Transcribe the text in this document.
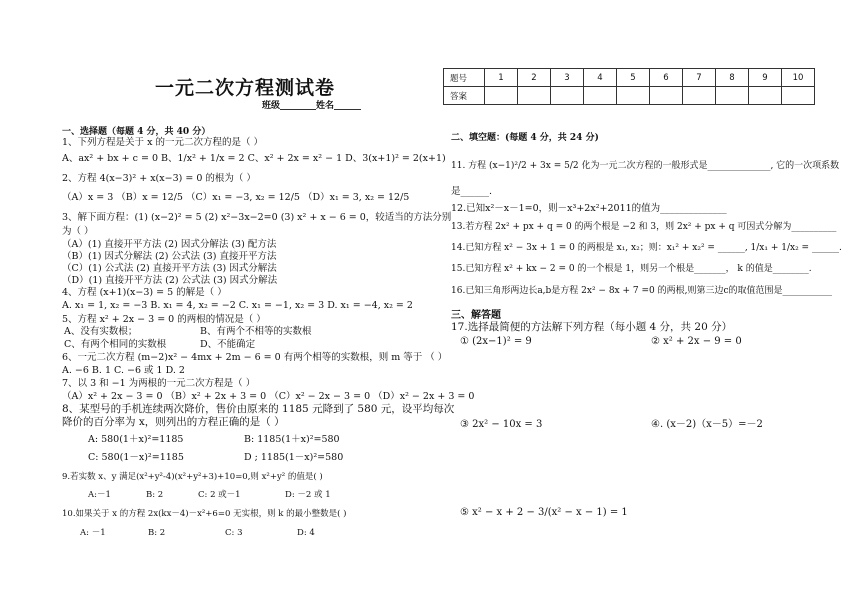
一元二次方程测试卷
班级________姓名______
题号	1	2	3	4	5	6	7	8	9	10
答案										
一、选择题（每题 4 分，共 40 分）
1、下列方程是关于 x 的一元二次方程的是（ ）
A、ax² + bx + c = 0 B、1/x² + 1/x = 2 C、x² + 2x = x² − 1 D、3(x+1)² = 2(x+1)
2、方程 4(x−3)² + x(x−3) = 0 的根为（ ）
（A）x = 3 （B）x = 12/5 （C）x₁ = −3, x₂ = 12/5 （D）x₁ = 3, x₂ = 12/5
3、解下面方程：(1) (x−2)² = 5 (2) x²−3x−2=0 (3) x² + x − 6 = 0，较适当的方法分别
为（ ）
（A）(1) 直接开平方法 (2) 因式分解法 (3) 配方法
（B）(1) 因式分解法 (2) 公式法 (3) 直接开平方法
（C）(1) 公式法 (2) 直接开平方法 (3) 因式分解法
（D）(1) 直接开平方法 (2) 公式法 (3) 因式分解法
4、方程 (x+1)(x−3) = 5 的解是（ ）
A. x₁ = 1, x₂ = −3 B. x₁ = 4, x₂ = −2 C. x₁ = −1, x₂ = 3 D. x₁ = −4, x₂ = 2
5、方程 x² + 2x − 3 = 0 的两根的情况是（ ）
A、没有实数根；	B、有两个不相等的实数根
C、有两个相同的实数根	D、不能确定
6、一元二次方程 (m−2)x² − 4mx + 2m − 6 = 0 有两个相等的实数根，则 m 等于 （ ）
A. −6 B. 1 C. −6 或 1 D. 2
7、以 3 和 −1 为两根的一元二次方程是（ ）
（A）x² + 2x − 3 = 0 （B）x² + 2x + 3 = 0 （C）x² − 2x − 3 = 0 （D）x² − 2x + 3 = 0
8、某型号的手机连续两次降价，售价由原来的 1185 元降到了 580 元，设平均每次
降价的百分率为 x，则列出的方程正确的是（ ）
A: 580(1＋x)²=1185	B: 1185(1＋x)²=580
C: 580(1－x)²=1185	D ; 1185(1－x)²=580
9.若实数 x、y 满足(x²+y²-4)(x²+y²+3)+10=0,则 x²+y² 的值是( )
A:－1	B: 2	C: 2 或－1	D: －2 或 1
10.如果关于 x 的方程 2x(kx－4)－x²+6=0 无实根，则 k 的最小整数是( )
A: －1	B: 2	C: 3	D: 4
二、填空题：(每题 4 分，共 24 分)
11. 方程 (x−1)²/2 + 3x = 5/2 化为一元二次方程的一般形式是______________, 它的一次项系数
是______.
12.已知x²－x－1=0，则－x³+2x²+2011的值为______________
13.若方程 2x² + px + q = 0 的两个根是 −2 和 3，则 2x² + px + q 可因式分解为__________
14.已知方程 x² − 3x + 1 = 0 的两根是 x₁, x₂；则：x₁² + x₂² = ______, 1/x₁ + 1/x₂ = ______.
15.已知方程 x² + kx − 2 = 0 的一个根是 1，则另一个根是_______， k 的值是________.
16.已知三角形两边长a,b是方程 2x² − 8x + 7 =0 的两根,则第三边c的取值范围是___________
三、解答题
17.选择最简便的方法解下列方程（每小题 4 分，共 20 分）
① (2x−1)² = 9	② x² + 2x − 9 = 0
③ 2x² − 10x = 3	④. (x－2)（x－5）=－2
⑤ x² − x + 2 − 3/(x² − x − 1) = 1
